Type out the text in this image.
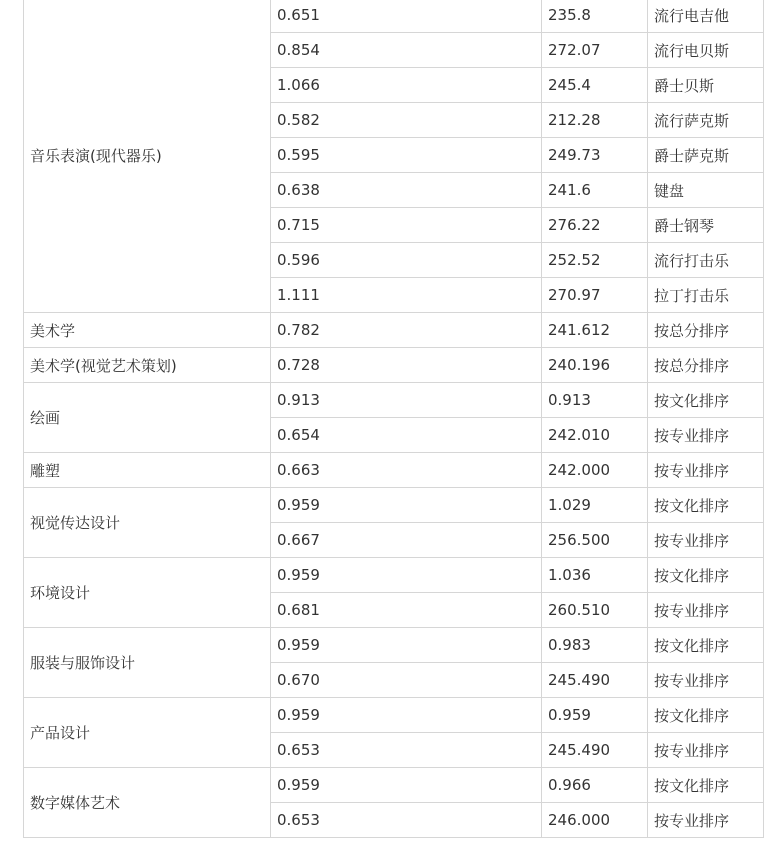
音乐表演(现代器乐)	0.651	235.8	流行电吉他
	0.854	272.07	流行电贝斯
	1.066	245.4	爵士贝斯
	0.582	212.28	流行萨克斯
	0.595	249.73	爵士萨克斯
	0.638	241.6	键盘
	0.715	276.22	爵士钢琴
	0.596	252.52	流行打击乐
	1.111	270.97	拉丁打击乐
美术学	0.782	241.612	按总分排序
美术学(视觉艺术策划)	0.728	240.196	按总分排序
绘画	0.913	0.913	按文化排序
	0.654	242.010	按专业排序
雕塑	0.663	242.000	按专业排序
视觉传达设计	0.959	1.029	按文化排序
	0.667	256.500	按专业排序
环境设计	0.959	1.036	按文化排序
	0.681	260.510	按专业排序
服装与服饰设计	0.959	0.983	按文化排序
	0.670	245.490	按专业排序
产品设计	0.959	0.959	按文化排序
	0.653	245.490	按专业排序
数字媒体艺术	0.959	0.966	按文化排序
	0.653	246.000	按专业排序
